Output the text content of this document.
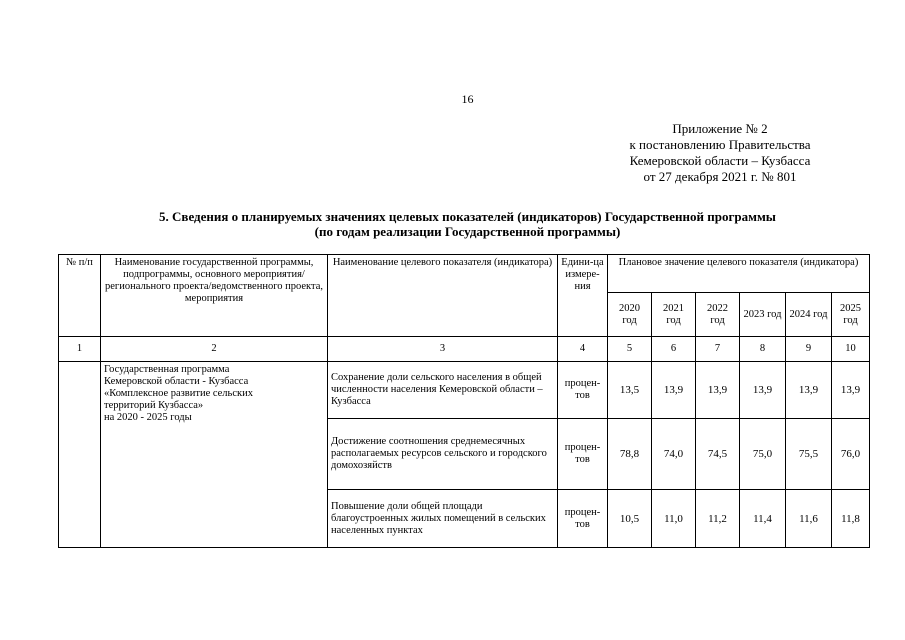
16
Приложение № 2
к постановлению Правительства
Кемеровской области – Кузбасса
от 27 декабря 2021 г. № 801
5. Сведения о планируемых значениях целевых показателей (индикаторов) Государственной программы
(по годам реализации Государственной программы)
№ п/п	Наименование государственной программы, подпрограммы, основного мероприятия/регионального проекта/ведомственного проекта, мероприятия	Наименование целевого показателя (индикатора)	Едини-ца измере-ния	Плановое значение целевого показателя (индикатора)					
				2020 год	2021 год	2022 год	2023 год	2024 год	2025 год
1	2	3	4	5	6	7	8	9	10

	Государственная программа
Кемеровской области - Кузбасса
«Комплексное развитие сельских
территорий Кузбасса»
на 2020 - 2025 годы	Сохранение доли сельского населения в общей численности населения Кемеровской области – Кузбасса	процен-тов	13,5	13,9	13,9	13,9	13,9	13,9
		Достижение соотношения среднемесячных располагаемых ресурсов сельского и городского домохозяйств	процен-тов	78,8	74,0	74,5	75,0	75,5	76,0
		Повышение доли общей площади благоустроенных жилых помещений в сельских населенных пунктах	процен-тов	10,5	11,0	11,2	11,4	11,6	11,8
